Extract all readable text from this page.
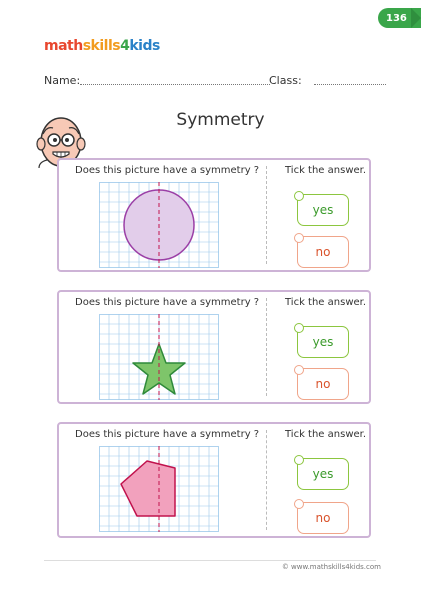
136
mathskills4kids
Name:	Class:
Symmetry
Does this picture have a symmetry ?	Tick the answer.
yes
no
Does this picture have a symmetry ?	Tick the answer.
yes
no
Does this picture have a symmetry ?	Tick the answer.
yes
no
© www.mathskills4kids.com
